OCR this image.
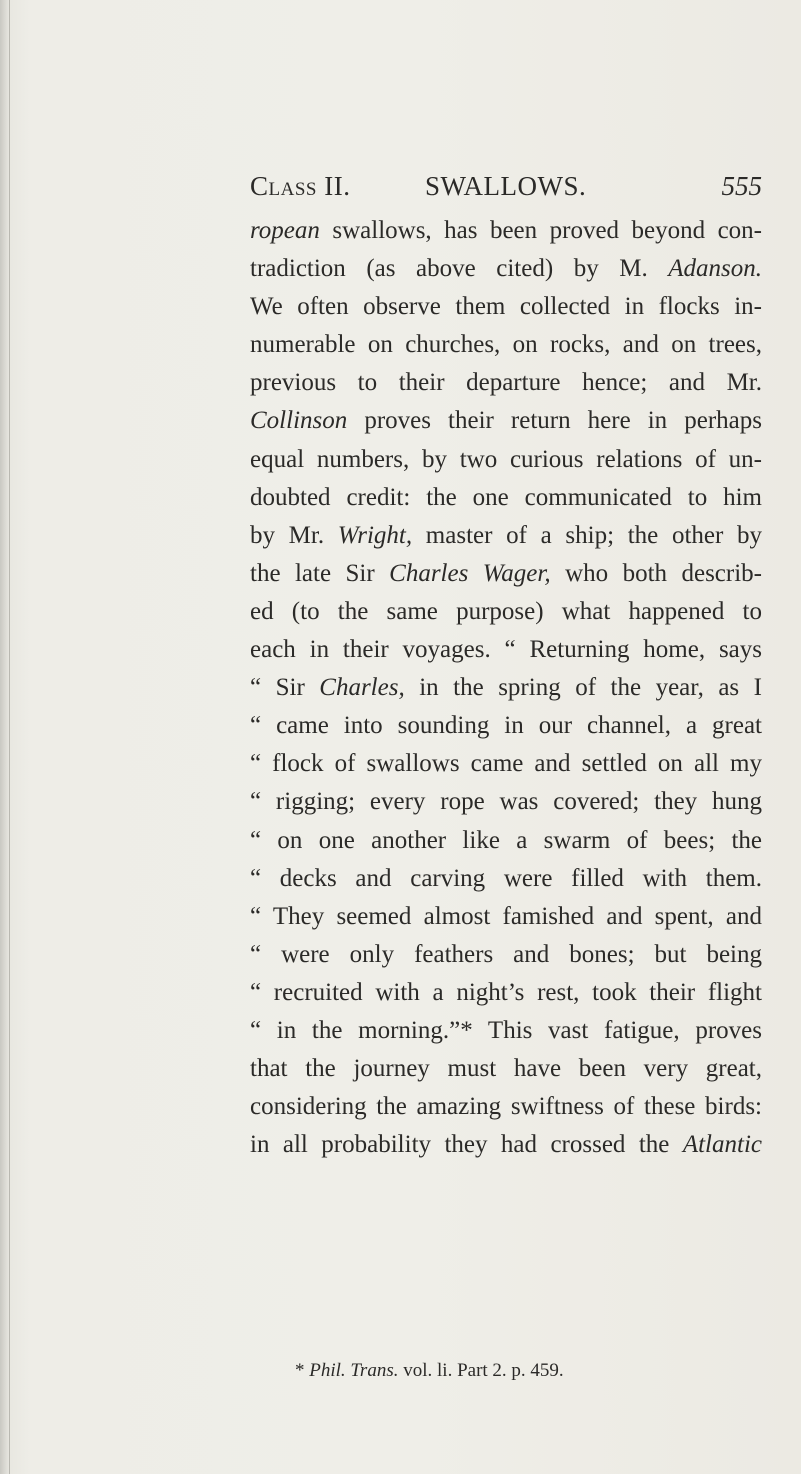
Class II.	SWALLOWS.	555
ropean swallows, has been proved beyond con-
tradiction (as above cited) by M. Adanson.
We often observe them collected in flocks in-
numerable on churches, on rocks, and on trees,
previous to their departure hence; and Mr.
Collinson proves their return here in perhaps
equal numbers, by two curious relations of un-
doubted credit: the one communicated to him
by Mr. Wright, master of a ship; the other by
the late Sir Charles Wager, who both describ-
ed (to the same purpose) what happened to
each in their voyages. “ Returning home, says
“ Sir Charles, in the spring of the year, as I
“ came into sounding in our channel, a great
“ flock of swallows came and settled on all my
“ rigging; every rope was covered; they hung
“ on one another like a swarm of bees; the
“ decks and carving were filled with them.
“ They seemed almost famished and spent, and
“ were only feathers and bones; but being
“ recruited with a night’s rest, took their flight
“ in the morning.”* This vast fatigue, proves
that the journey must have been very great,
considering the amazing swiftness of these birds:
in all probability they had crossed the Atlantic
* Phil. Trans. vol. li. Part 2. p. 459.
